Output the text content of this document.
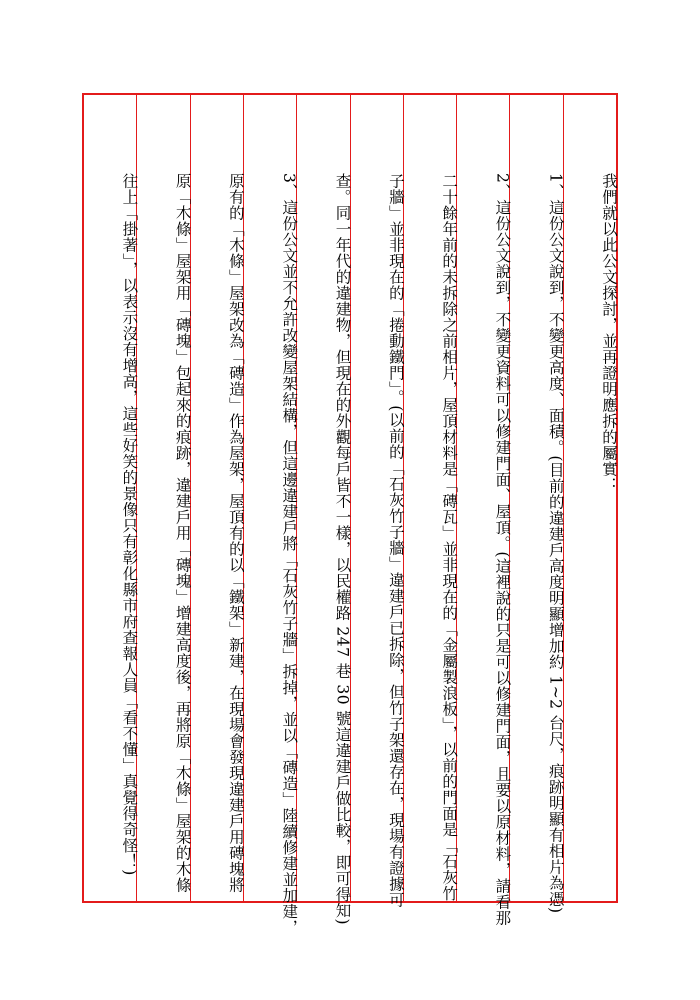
我們就以此公文探討，並再證明應拆的屬實：
1、這份公文說到，不變更高度、面積。(目前的違建戶高度明顯增加約 1~2 台尺，痕跡明顯有相片為憑)
2、這份公文說到，不變更資料可以修建門面、屋頂。(這裡說的只是可以修建門面，且要以原材料，請看那
二十餘年前的未拆除之前相片，屋頂材料是「磚瓦」並非現在的「金屬製浪板」，以前的門面是「石灰竹
子牆」並非現在的「捲動鐵門」。(以前的「石灰竹子牆」違建戶已拆除，但竹子架還存在，現場有證據可
查。同一年代的違建物，但現在的外觀每戶皆不一樣，以民權路 247 巷 30 號這違建戶做比較，即可得知)
3、這份公文並不允許改變屋架結構，但這邊違建戶將「石灰竹子牆」拆掉，並以「磚造」陸續修建並加建，
原有的「木條」屋架改為「磚造」作為屋架，屋頂有的以「鐵架」新建，在現場會發現違建戶用磚塊將
原「木條」屋架用「磚塊」包起來的痕跡，違建戶用「磚塊」增建高度後，再將原「木條」屋架的木條
往上「掛著」，以表示沒有增高，這些好笑的景像只有彰化縣市府查報人員「看不懂」真覺得奇怪！)
